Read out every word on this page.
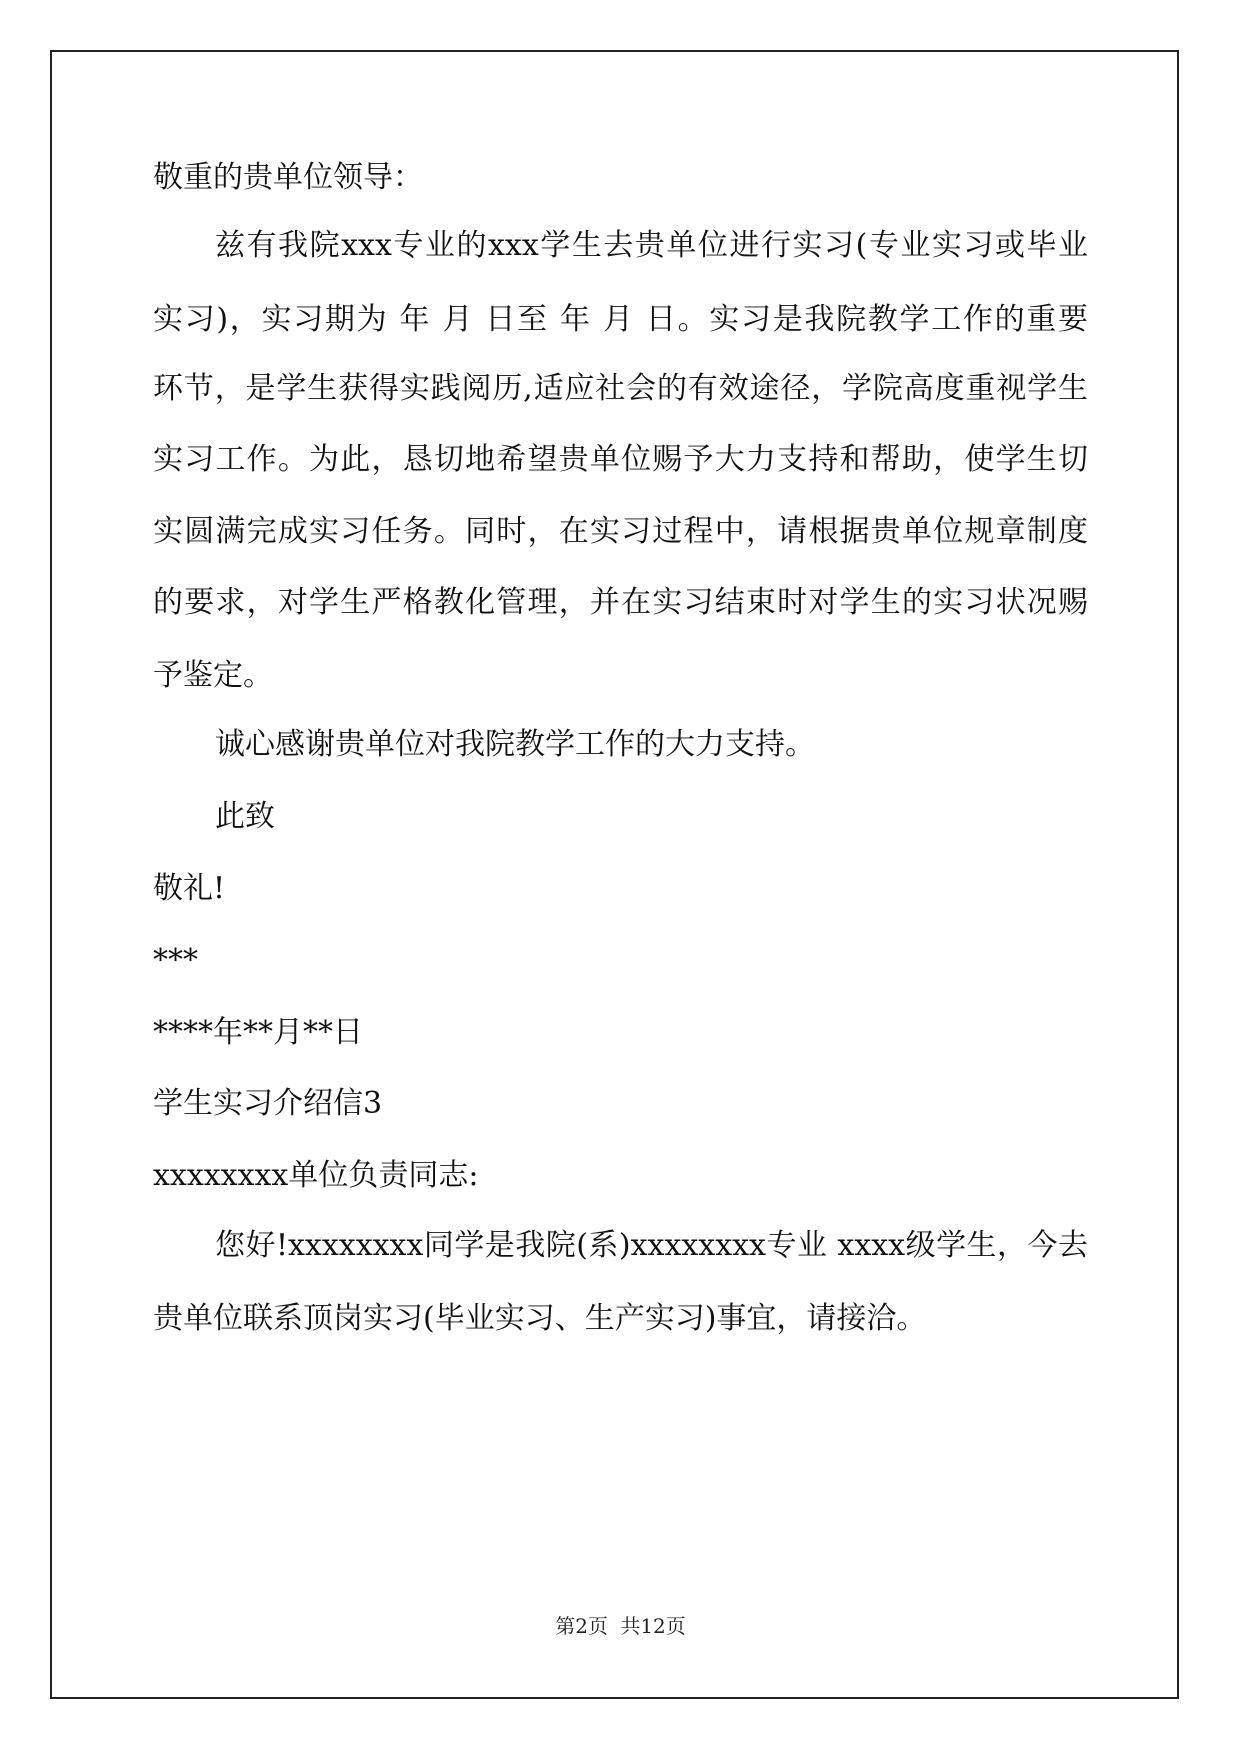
敬重的贵单位领导：
兹有我院xxx专业的xxx学生去贵单位进行实习(专业实习或毕业
实习)，实习期为 年 月 日至 年 月 日。实习是我院教学工作的重要
环节，是学生获得实践阅历,适应社会的有效途径，学院高度重视学生
实习工作。为此，恳切地希望贵单位赐予大力支持和帮助，使学生切
实圆满完成实习任务。同时，在实习过程中，请根据贵单位规章制度
的要求，对学生严格教化管理，并在实习结束时对学生的实习状况赐
予鉴定。
诚心感谢贵单位对我院教学工作的大力支持。
此致
敬礼!
***
****年**月**日
学生实习介绍信3
xxxxxxxx单位负责同志:
您好!xxxxxxxx同学是我院(系)xxxxxxxx专业 xxxx级学生，今去
贵单位联系顶岗实习(毕业实习、生产实习)事宜，请接洽。
第2页 共12页
